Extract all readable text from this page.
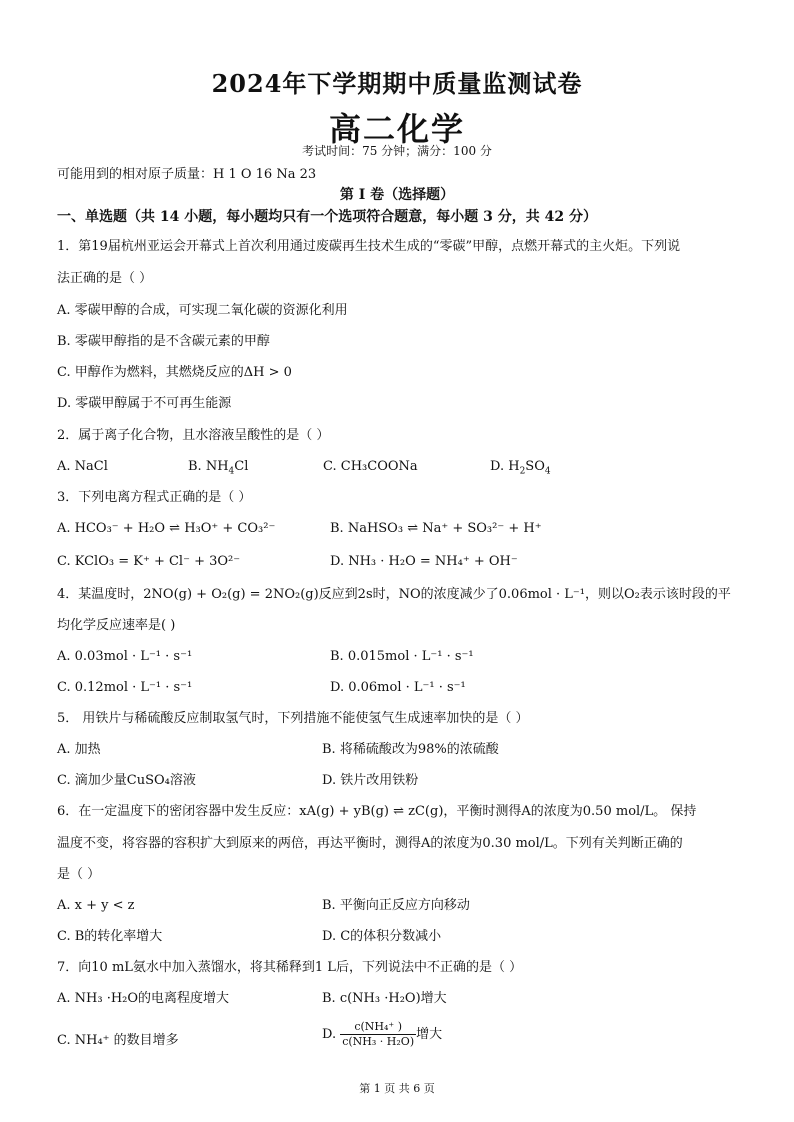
2024年下学期期中质量监测试卷
高二化学
考试时间：75 分钟；满分：100 分
可能用到的相对原子质量：H 1 O 16 Na 23
第 I 卷（选择题）
一、单选题（共 14 小题，每小题均只有一个选项符合题意，每小题 3 分，共 42 分）
1．第19届杭州亚运会开幕式上首次利用通过废碳再生技术生成的“零碳”甲醇，点燃开幕式的主火炬。下列说
法正确的是（ ）
A. 零碳甲醇的合成，可实现二氧化碳的资源化利用
B. 零碳甲醇指的是不含碳元素的甲醇
C. 甲醇作为燃料，其燃烧反应的ΔH > 0
D. 零碳甲醇属于不可再生能源
2．属于离子化合物，且水溶液呈酸性的是（ ）
A. NaCl	B. $NH_4Cl$	C. CH₃COONa	D. $H_2SO_4$
3．下列电离方程式正确的是（ ）
A. HCO₃⁻ + H₂O ⇌ H₃O⁺ + CO₃²⁻	B. NaHSO₃ ⇌ Na⁺ + SO₃²⁻ + H⁺
C. KClO₃ = K⁺ + Cl⁻ + 3O²⁻	D. NH₃ · H₂O = NH₄⁺ + OH⁻
4．某温度时，2NO(g) + O₂(g) = 2NO₂(g)反应到2s时，NO的浓度减少了0.06mol · L⁻¹，则以O₂表示该时段的平
均化学反应速率是( )
A. 0.03mol · L⁻¹ · s⁻¹	B. 0.015mol · L⁻¹ · s⁻¹
C. 0.12mol · L⁻¹ · s⁻¹	D. 0.06mol · L⁻¹ · s⁻¹
5． 用铁片与稀硫酸反应制取氢气时，下列措施不能使氢气生成速率加快的是（ ）
A. 加热	B. 将稀硫酸改为98%的浓硫酸
C. 滴加少量CuSO₄溶液	D. 铁片改用铁粉
6．在一定温度下的密闭容器中发生反应：xA(g) + yB(g) ⇌ zC(g)，平衡时测得A的浓度为0.50 mol/L。 保持
温度不变，将容器的容积扩大到原来的两倍，再达平衡时，测得A的浓度为0.30 mol/L。下列有关判断正确的
是（ ）
A. x + y < z	B. 平衡向正反应方向移动
C. B的转化率增大	D. C的体积分数减小
7．向10 mL氨水中加入蒸馏水，将其稀释到1 L后，下列说法中不正确的是（ ）
A. NH₃ ·H₂O的电离程度增大	B. c(NH₃ ·H₂O)增大
C. NH₄⁺ 的数目增多	D. $\frac{\text{c(NH₄⁺ )}}{\text{c(NH₃ · H₂O)}}$ 增大
第 1 页 共 6 页
